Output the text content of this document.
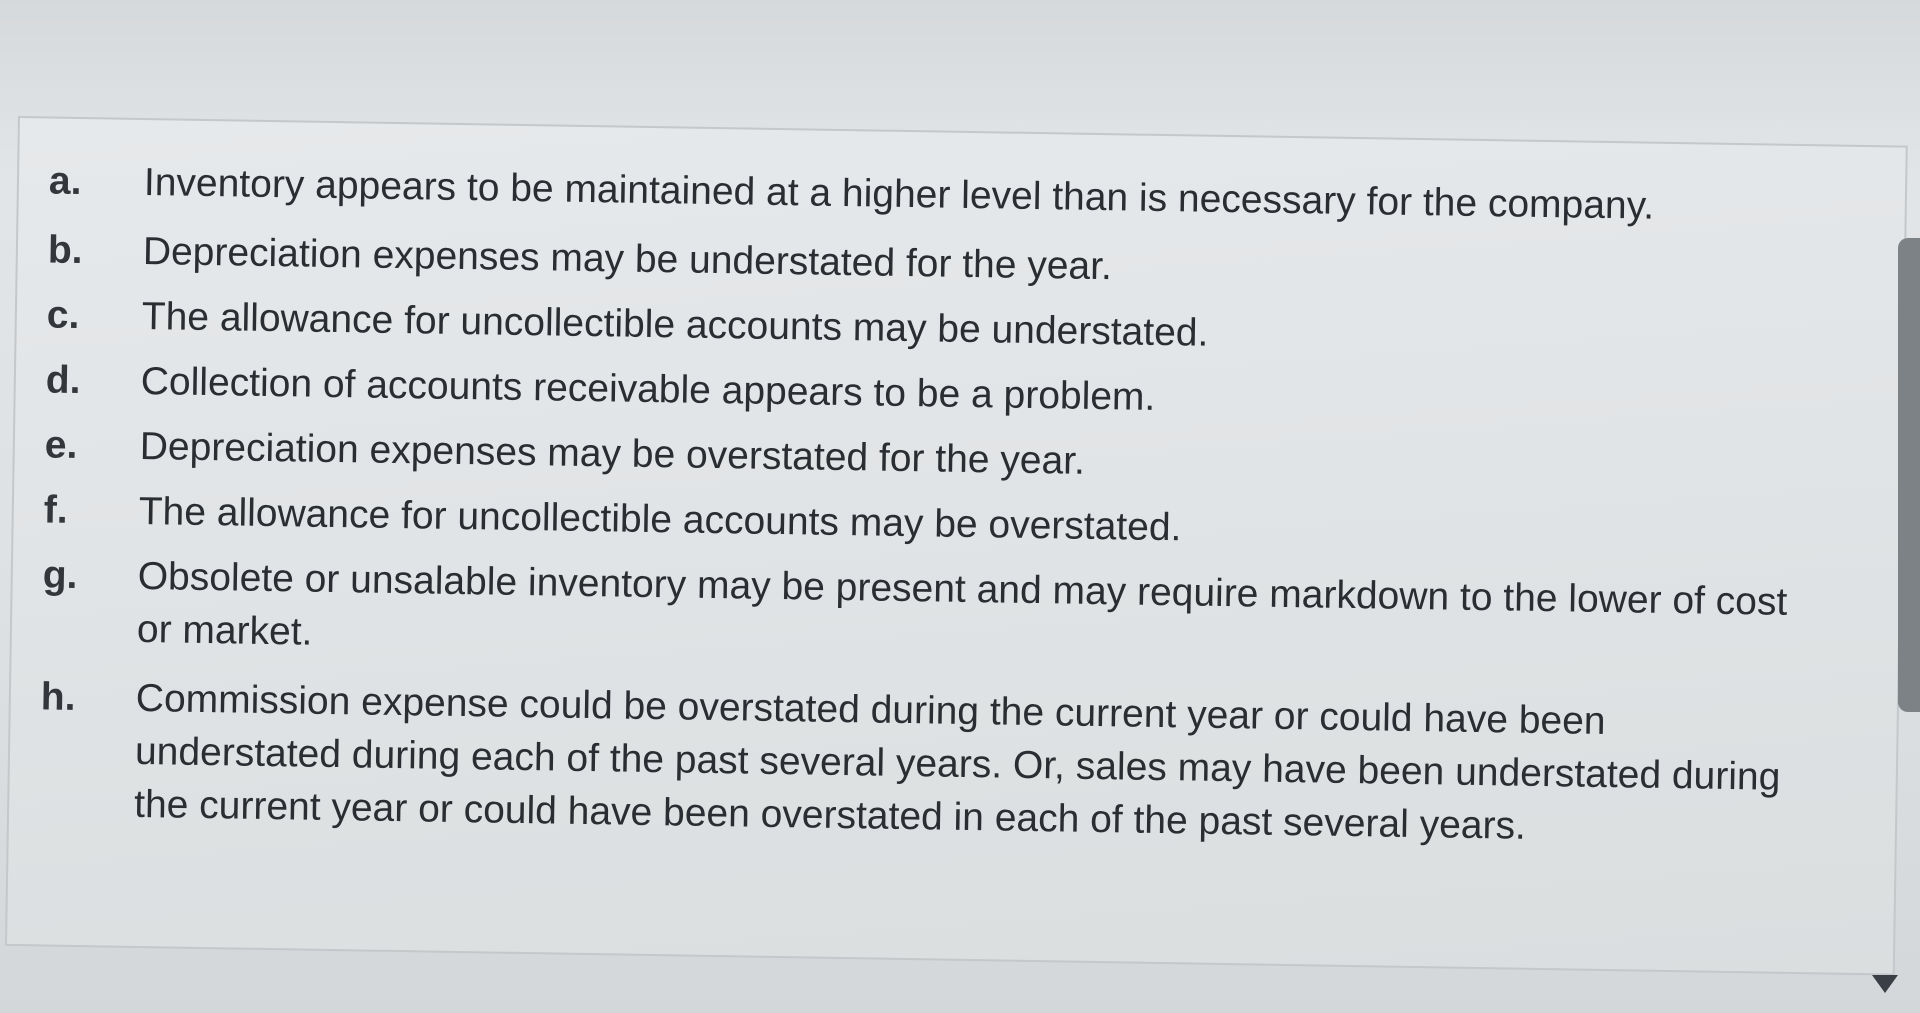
a.	Inventory appears to be maintained at a higher level than is necessary for the company.
b.	Depreciation expenses may be understated for the year.
c.	The allowance for uncollectible accounts may be understated.
d.	Collection of accounts receivable appears to be a problem.
e.	Depreciation expenses may be overstated for the year.
f.	The allowance for uncollectible accounts may be overstated.
g.	Obsolete or unsalable inventory may be present and may require markdown to the lower of cost or market.
h.	Commission expense could be overstated during the current year or could have been understated during each of the past several years. Or, sales may have been understated during the current year or could have been overstated in each of the past several years.
